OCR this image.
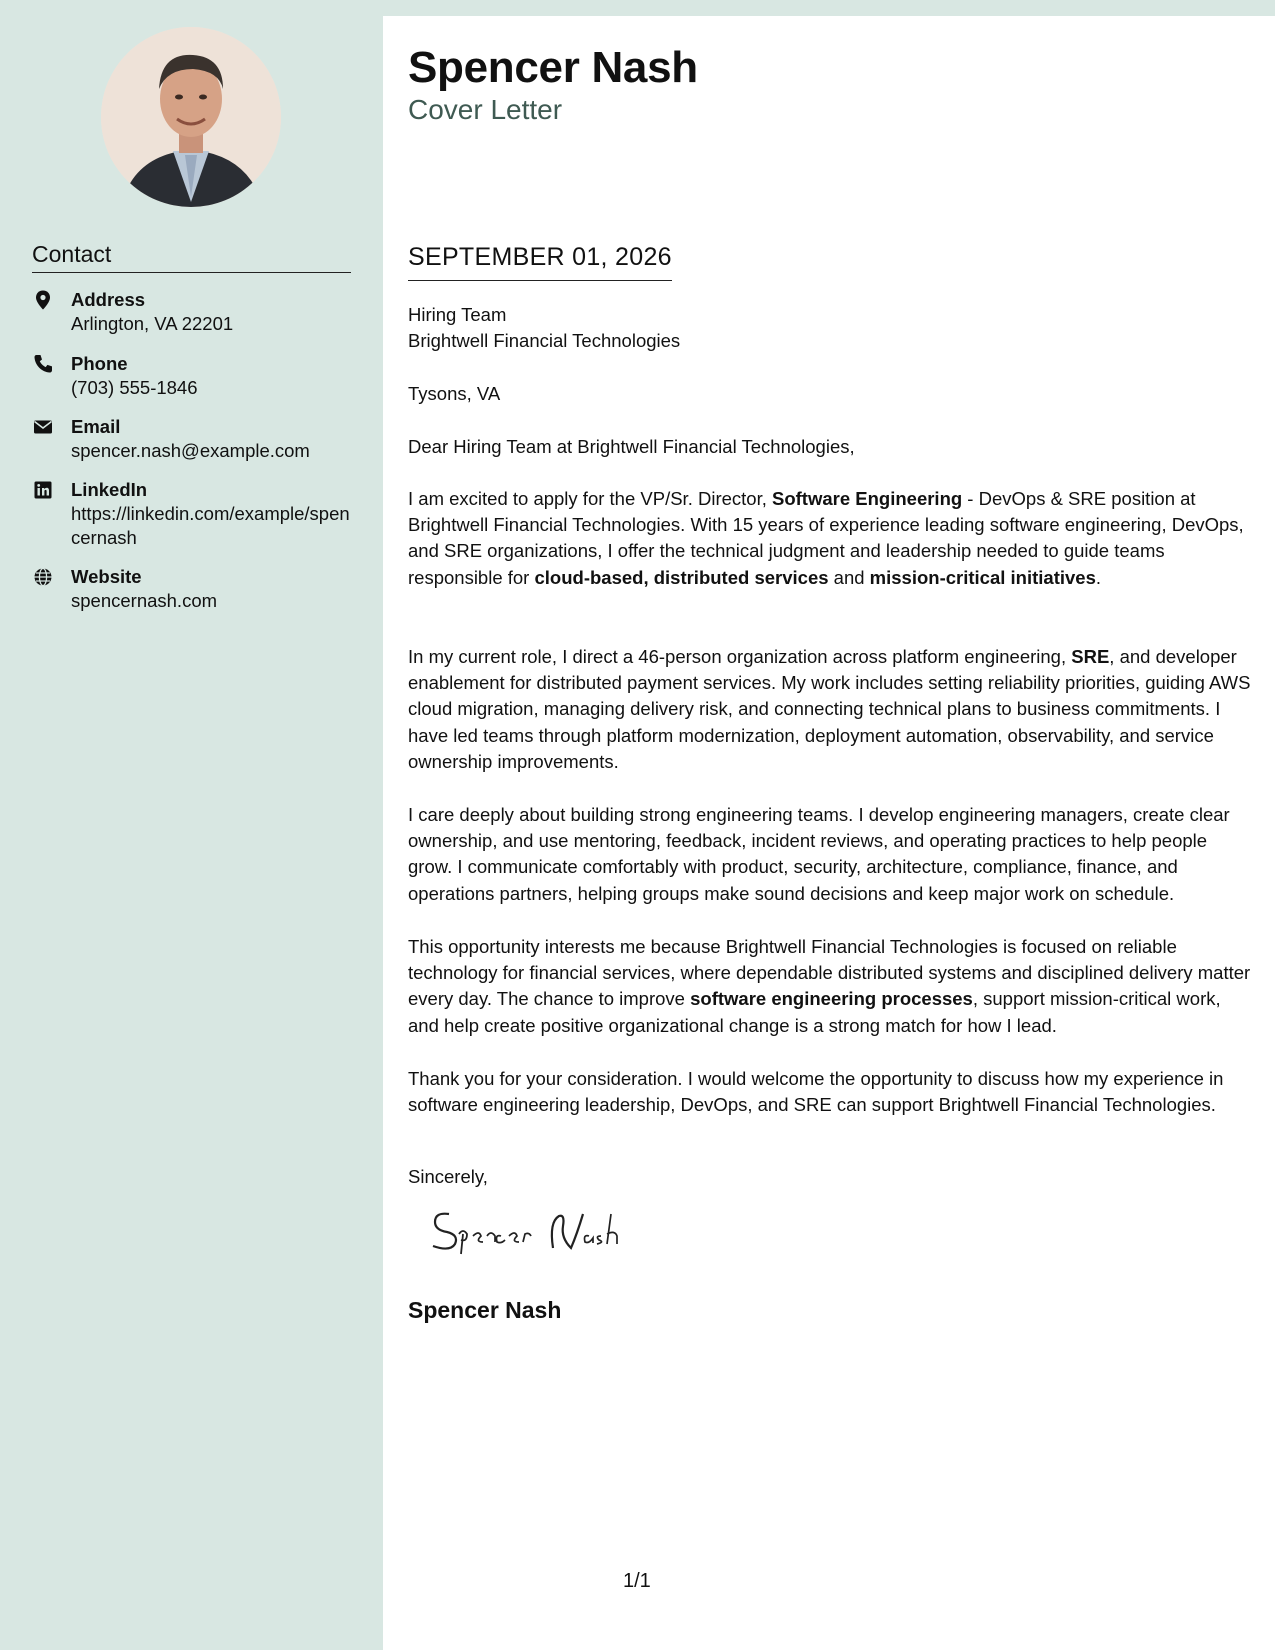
Contact
Address
Arlington, VA 22201
Phone
(703) 555-1846
Email
spencer.nash@example.com
LinkedIn
https://linkedin.com/example/spencernash
Website
spencernash.com
Spencer Nash
Cover Letter
SEPTEMBER 01, 2026
Hiring Team
Brightwell Financial Technologies
Tysons, VA
Dear Hiring Team at Brightwell Financial Technologies,
I am excited to apply for the VP/Sr. Director, Software Engineering - DevOps & SRE position at Brightwell Financial Technologies. With 15 years of experience leading software engineering, DevOps, and SRE organizations, I offer the technical judgment and leadership needed to guide teams responsible for cloud-based, distributed services and mission-critical initiatives.
In my current role, I direct a 46-person organization across platform engineering, SRE, and developer enablement for distributed payment services. My work includes setting reliability priorities, guiding AWS cloud migration, managing delivery risk, and connecting technical plans to business commitments. I have led teams through platform modernization, deployment automation, observability, and service ownership improvements.
I care deeply about building strong engineering teams. I develop engineering managers, create clear ownership, and use mentoring, feedback, incident reviews, and operating practices to help people grow. I communicate comfortably with product, security, architecture, compliance, finance, and operations partners, helping groups make sound decisions and keep major work on schedule.
This opportunity interests me because Brightwell Financial Technologies is focused on reliable technology for financial services, where dependable distributed systems and disciplined delivery matter every day. The chance to improve software engineering processes, support mission-critical work, and help create positive organizational change is a strong match for how I lead.
Thank you for your consideration. I would welcome the opportunity to discuss how my experience in software engineering leadership, DevOps, and SRE can support Brightwell Financial Technologies.
Sincerely,
Spencer Nash
1/1
